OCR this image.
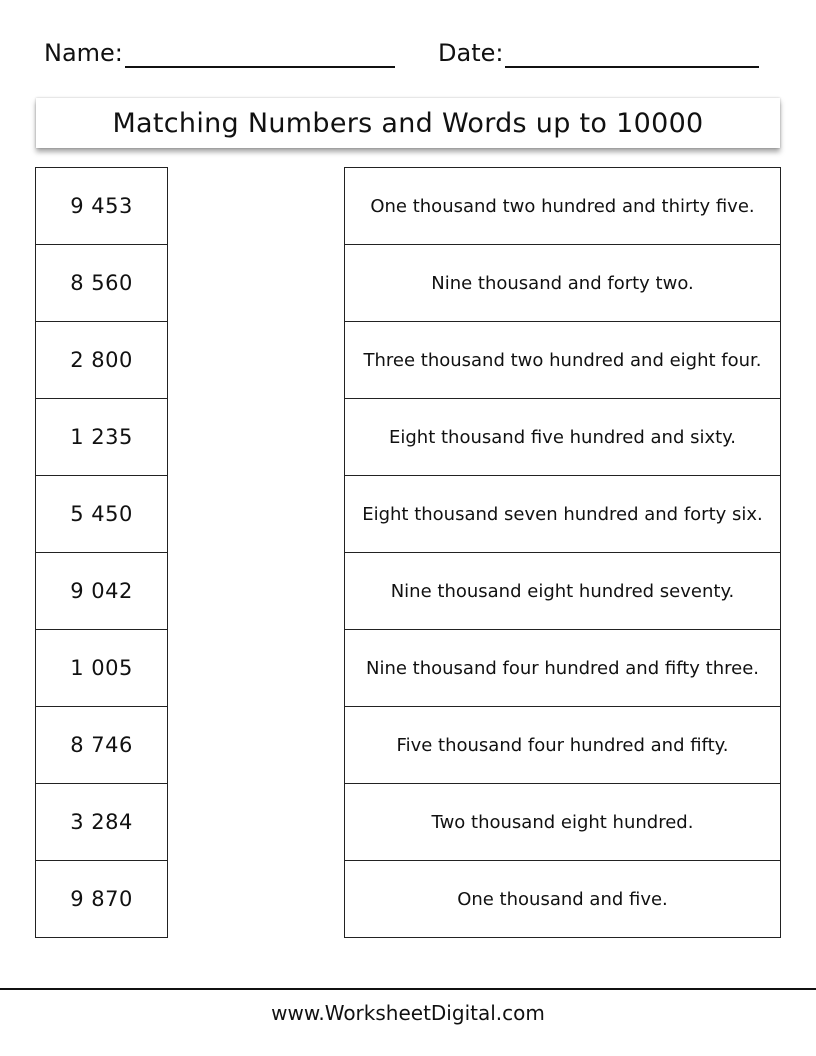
Name:	Date:
Matching Numbers and Words up to 10000
9 453
8 560
2 800
1 235
5 450
9 042
1 005
8 746
3 284
9 870
One thousand two hundred and thirty five.
Nine thousand and forty two.
Three thousand two hundred and eight four.
Eight thousand five hundred and sixty.
Eight thousand seven hundred and forty six.
Nine thousand eight hundred seventy.
Nine thousand four hundred and fifty three.
Five thousand four hundred and fifty.
Two thousand eight hundred.
One thousand and five.
www.WorksheetDigital.com
